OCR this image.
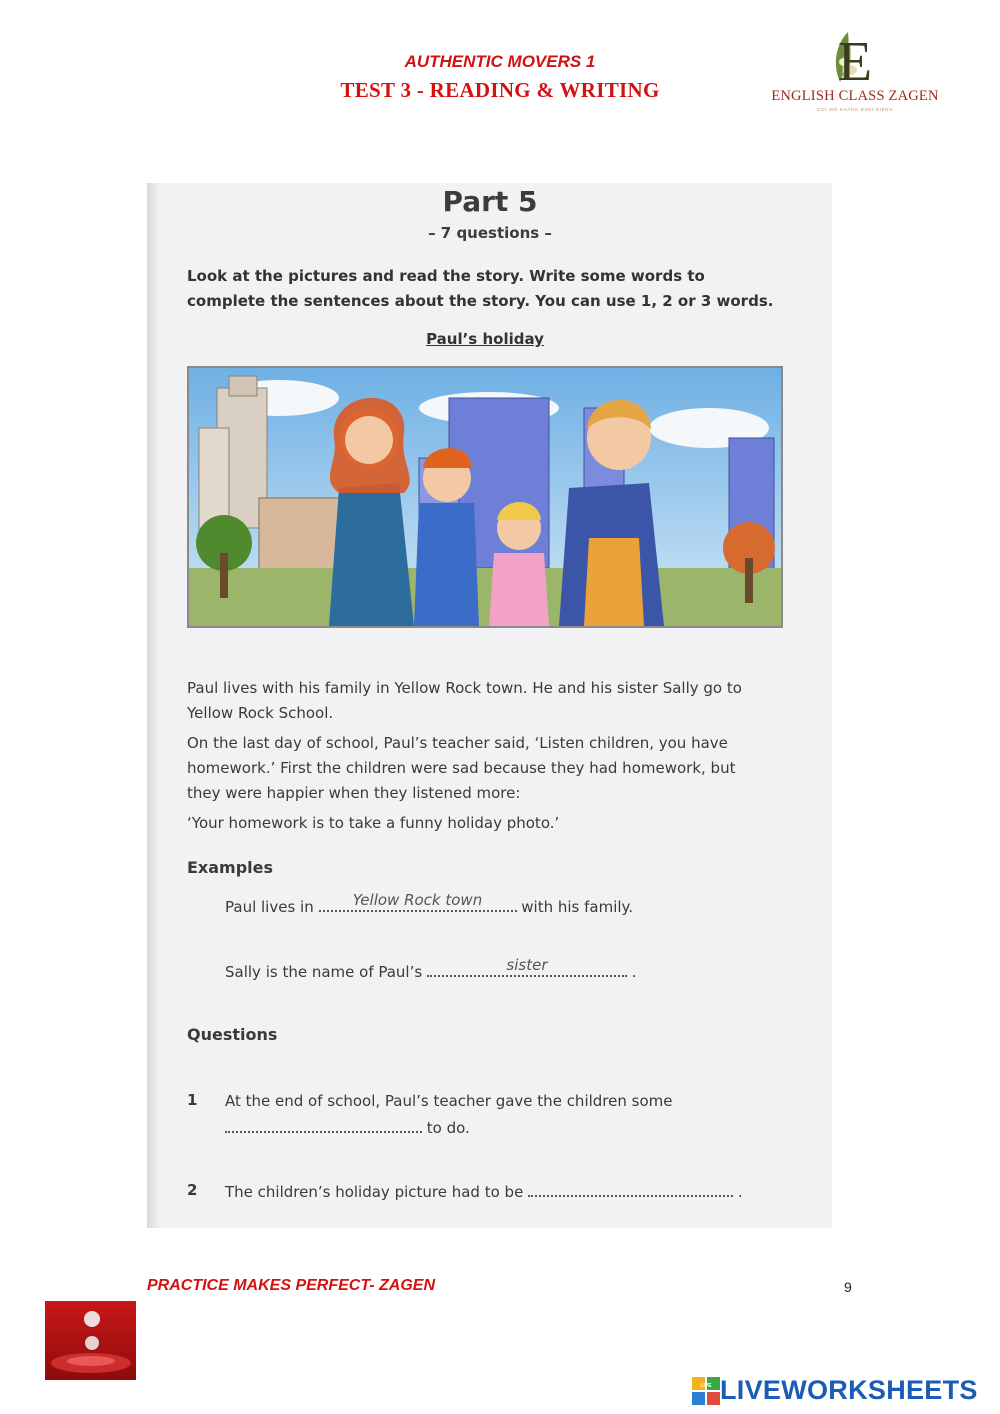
AUTHENTIC MOVERS 1
TEST 3 - READING & WRITING	E
ENGLISH CLASS ZAGEN
GỢI MỞ KHÁNG ĐỊNH RIÊNG
Part 5
– 7 questions –
Look at the pictures and read the story. Write some words to
complete the sentences about the story. You can use 1, 2 or 3 words.
Paul’s holiday

Paul lives with his family in Yellow Rock town. He and his sister Sally go to
Yellow Rock School.

On the last day of school, Paul’s teacher said, ‘Listen children, you have
homework.’ First the children were sad because they had homework, but
they were happier when they listened more:

‘Your homework is to take a funny holiday photo.’

Examples
Paul lives in	Yellow Rock town	with his family.
Sally is the name of Paul’s	sister	.
Questions
1 At the end of school, Paul’s teacher gave the children some
to do.
2 The children’s holiday picture had to be	.
PRACTICE MAKES PERFECT- ZAGEN	9
LIVE LIVEWORKSHEETS
